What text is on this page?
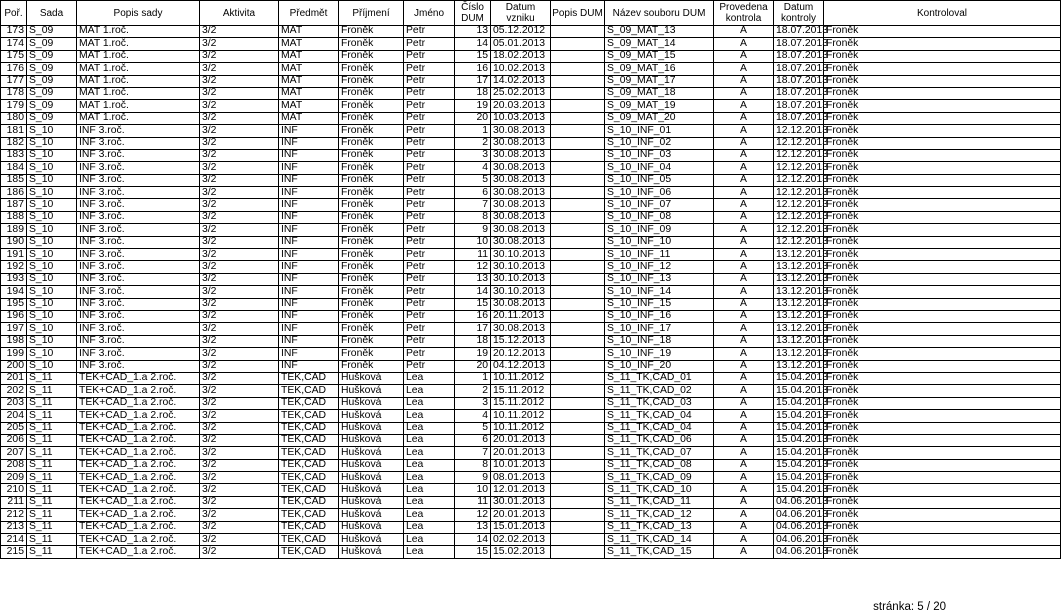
Poř.	Sada	Popis sady	Aktivita	Předmět	Příjmení	Jméno	Číslo DUM	Datum vzniku	Popis DUM	Název souboru DUM	Provedena kontrola	Datum kontroly	Kontroloval
173	S_09	MAT 1.roč.	3/2	MAT	Froněk	Petr	13	05.12.2012		S_09_MAT_13	A	18.07.2013	Froněk
174	S_09	MAT 1.roč.	3/2	MAT	Froněk	Petr	14	05.01.2013		S_09_MAT_14	A	18.07.2013	Froněk
175	S_09	MAT 1.roč.	3/2	MAT	Froněk	Petr	15	18.02.2013		S_09_MAT_15	A	18.07.2013	Froněk
176	S_09	MAT 1.roč.	3/2	MAT	Froněk	Petr	16	10.02.2013		S_09_MAT_16	A	18.07.2013	Froněk
177	S_09	MAT 1.roč.	3/2	MAT	Froněk	Petr	17	14.02.2013		S_09_MAT_17	A	18.07.2013	Froněk
178	S_09	MAT 1.roč.	3/2	MAT	Froněk	Petr	18	25.02.2013		S_09_MAT_18	A	18.07.2013	Froněk
179	S_09	MAT 1.roč.	3/2	MAT	Froněk	Petr	19	20.03.2013		S_09_MAT_19	A	18.07.2013	Froněk
180	S_09	MAT 1.roč.	3/2	MAT	Froněk	Petr	20	10.03.2013		S_09_MAT_20	A	18.07.2013	Froněk
181	S_10	INF 3.roč.	3/2	INF	Froněk	Petr	1	30.08.2013		S_10_INF_01	A	12.12.2013	Froněk
182	S_10	INF 3.roč.	3/2	INF	Froněk	Petr	2	30.08.2013		S_10_INF_02	A	12.12.2013	Froněk
183	S_10	INF 3.roč.	3/2	INF	Froněk	Petr	3	30.08.2013		S_10_INF_03	A	12.12.2013	Froněk
184	S_10	INF 3.roč.	3/2	INF	Froněk	Petr	4	30.08.2013		S_10_INF_04	A	12.12.2013	Froněk
185	S_10	INF 3.roč.	3/2	INF	Froněk	Petr	5	30.08.2013		S_10_INF_05	A	12.12.2013	Froněk
186	S_10	INF 3.roč.	3/2	INF	Froněk	Petr	6	30.08.2013		S_10_INF_06	A	12.12.2013	Froněk
187	S_10	INF 3.roč.	3/2	INF	Froněk	Petr	7	30.08.2013		S_10_INF_07	A	12.12.2013	Froněk
188	S_10	INF 3.roč.	3/2	INF	Froněk	Petr	8	30.08.2013		S_10_INF_08	A	12.12.2013	Froněk
189	S_10	INF 3.roč.	3/2	INF	Froněk	Petr	9	30.08.2013		S_10_INF_09	A	12.12.2013	Froněk
190	S_10	INF 3.roč.	3/2	INF	Froněk	Petr	10	30.08.2013		S_10_INF_10	A	12.12.2013	Froněk
191	S_10	INF 3.roč.	3/2	INF	Froněk	Petr	11	30.10.2013		S_10_INF_11	A	13.12.2013	Froněk
192	S_10	INF 3.roč.	3/2	INF	Froněk	Petr	12	30.10.2013		S_10_INF_12	A	13.12.2013	Froněk
193	S_10	INF 3.roč.	3/2	INF	Froněk	Petr	13	30.10.2013		S_10_INF_13	A	13.12.2013	Froněk
194	S_10	INF 3.roč.	3/2	INF	Froněk	Petr	14	30.10.2013		S_10_INF_14	A	13.12.2013	Froněk
195	S_10	INF 3.roč.	3/2	INF	Froněk	Petr	15	30.08.2013		S_10_INF_15	A	13.12.2013	Froněk
196	S_10	INF 3.roč.	3/2	INF	Froněk	Petr	16	20.11.2013		S_10_INF_16	A	13.12.2013	Froněk
197	S_10	INF 3.roč.	3/2	INF	Froněk	Petr	17	30.08.2013		S_10_INF_17	A	13.12.2013	Froněk
198	S_10	INF 3.roč.	3/2	INF	Froněk	Petr	18	15.12.2013		S_10_INF_18	A	13.12.2013	Froněk
199	S_10	INF 3.roč.	3/2	INF	Froněk	Petr	19	20.12.2013		S_10_INF_19	A	13.12.2013	Froněk
200	S_10	INF 3.roč.	3/2	INF	Froněk	Petr	20	04.12.2013		S_10_INF_20	A	13.12.2013	Froněk
201	S_11	TEK+CAD_1.a 2.roč.	3/2	TEK,CAD	Hušková	Lea	1	10.11.2012		S_11_TK,CAD_01	A	15.04.2013	Froněk
202	S_11	TEK+CAD_1.a 2.roč.	3/2	TEK,CAD	Hušková	Lea	2	15.11.2012		S_11_TK,CAD_02	A	15.04.2013	Froněk
203	S_11	TEK+CAD_1.a 2.roč.	3/2	TEK,CAD	Hušková	Lea	3	15.11.2012		S_11_TK,CAD_03	A	15.04.2013	Froněk
204	S_11	TEK+CAD_1.a 2.roč.	3/2	TEK,CAD	Hušková	Lea	4	10.11.2012		S_11_TK,CAD_04	A	15.04.2013	Froněk
205	S_11	TEK+CAD_1.a 2.roč.	3/2	TEK,CAD	Hušková	Lea	5	10.11.2012		S_11_TK,CAD_04	A	15.04.2013	Froněk
206	S_11	TEK+CAD_1.a 2.roč.	3/2	TEK,CAD	Hušková	Lea	6	20.01.2013		S_11_TK,CAD_06	A	15.04.2013	Froněk
207	S_11	TEK+CAD_1.a 2.roč.	3/2	TEK,CAD	Hušková	Lea	7	20.01.2013		S_11_TK,CAD_07	A	15.04.2013	Froněk
208	S_11	TEK+CAD_1.a 2.roč.	3/2	TEK,CAD	Hušková	Lea	8	10.01.2013		S_11_TK,CAD_08	A	15.04.2013	Froněk
209	S_11	TEK+CAD_1.a 2.roč.	3/2	TEK,CAD	Hušková	Lea	9	08.01.2013		S_11_TK,CAD_09	A	15.04.2013	Froněk
210	S_11	TEK+CAD_1.a 2.roč.	3/2	TEK,CAD	Hušková	Lea	10	12.01.2013		S_11_TK,CAD_10	A	15.04.2013	Froněk
211	S_11	TEK+CAD_1.a 2.roč.	3/2	TEK,CAD	Hušková	Lea	11	30.01.2013		S_11_TK,CAD_11	A	04.06.2013	Froněk
212	S_11	TEK+CAD_1.a 2.roč.	3/2	TEK,CAD	Hušková	Lea	12	20.01.2013		S_11_TK,CAD_12	A	04.06.2013	Froněk
213	S_11	TEK+CAD_1.a 2.roč.	3/2	TEK,CAD	Hušková	Lea	13	15.01.2013		S_11_TK,CAD_13	A	04.06.2013	Froněk
214	S_11	TEK+CAD_1.a 2.roč.	3/2	TEK,CAD	Hušková	Lea	14	02.02.2013		S_11_TK,CAD_14	A	04.06.2013	Froněk
215	S_11	TEK+CAD_1.a 2.roč.	3/2	TEK,CAD	Hušková	Lea	15	15.02.2013		S_11_TK,CAD_15	A	04.06.2013	Froněk
stránka: 5 / 20
